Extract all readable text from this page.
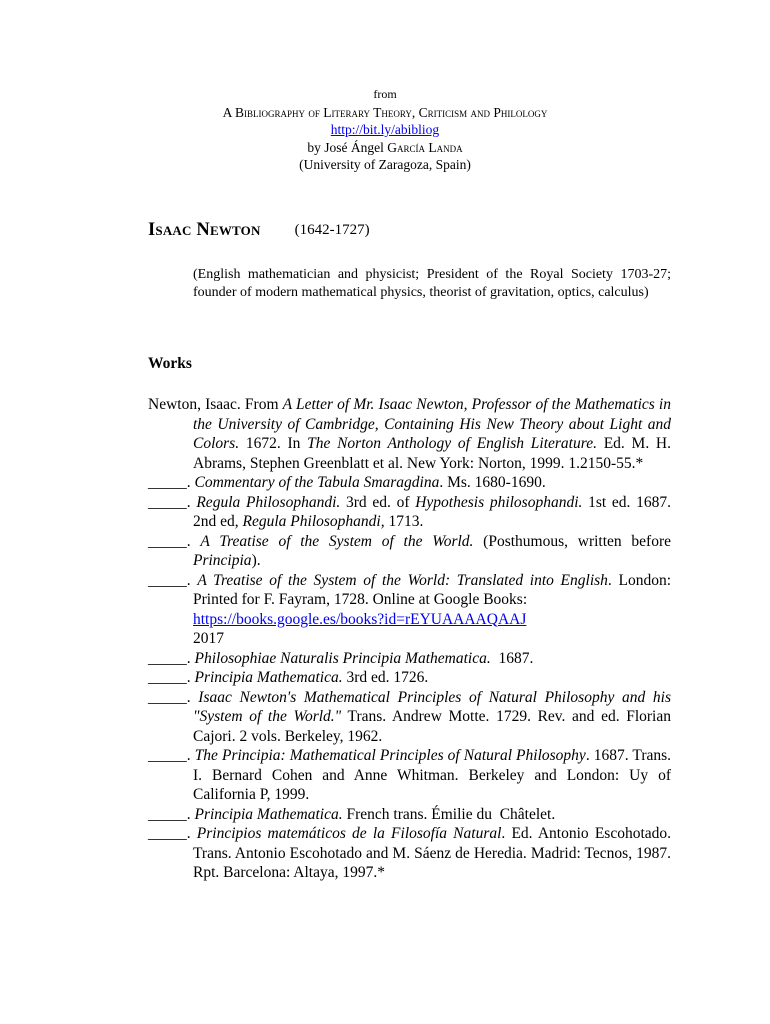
from
A Bibliography of Literary Theory, Criticism and Philology
http://bit.ly/abibliog
by José Ángel García Landa
(University of Zaragoza, Spain)
Isaac Newton (1642-1727)
(English mathematician and physicist; President of the Royal Society 1703-27; founder of modern mathematical physics, theorist of gravitation, optics, calculus)
Works
Newton, Isaac. From A Letter of Mr. Isaac Newton, Professor of the Mathematics in the University of Cambridge, Containing His New Theory about Light and Colors. 1672. In The Norton Anthology of English Literature. Ed. M. H. Abrams, Stephen Greenblatt et al. New York: Norton, 1999. 1.2150-55.*
_____. Commentary of the Tabula Smaragdina. Ms. 1680-1690.
_____. Regula Philosophandi. 3rd ed. of Hypothesis philosophandi. 1st ed. 1687. 2nd ed, Regula Philosophandi, 1713.
_____. A Treatise of the System of the World. (Posthumous, written before Principia).
_____. A Treatise of the System of the World: Translated into English. London: Printed for F. Fayram, 1728. Online at Google Books:
https://books.google.es/books?id=rEYUAAAAQAAJ
2017
_____. Philosophiae Naturalis Principia Mathematica.  1687.
_____. Principia Mathematica. 3rd ed. 1726.
_____. Isaac Newton's Mathematical Principles of Natural Philosophy and his "System of the World." Trans. Andrew Motte. 1729. Rev. and ed. Florian Cajori. 2 vols. Berkeley, 1962.
_____. The Principia: Mathematical Principles of Natural Philosophy. 1687. Trans. I. Bernard Cohen and Anne Whitman. Berkeley and London: Uy of California P, 1999.
_____. Principia Mathematica. French trans. Émilie du  Châtelet.
_____. Principios matemáticos de la Filosofía Natural. Ed. Antonio Escohotado. Trans. Antonio Escohotado and M. Sáenz de Heredia. Madrid: Tecnos, 1987. Rpt. Barcelona: Altaya, 1997.*
